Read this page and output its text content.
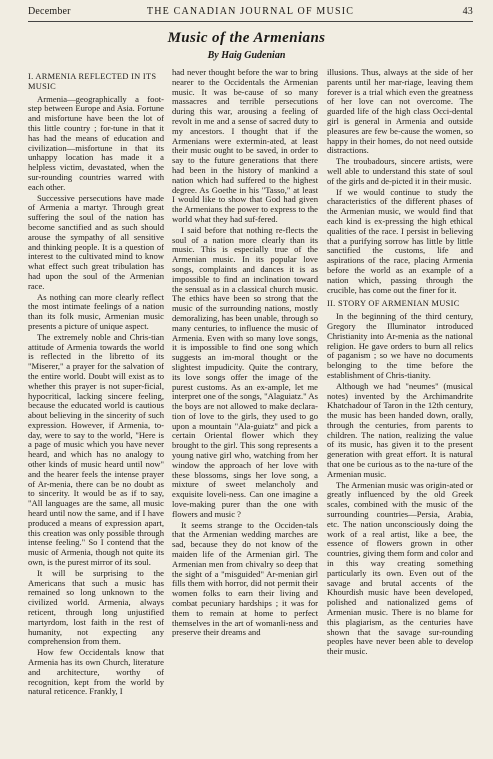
December	THE CANADIAN JOURNAL OF MUSIC	43
Music of the Armenians
By Haig Gudenian
I. ARMENIA REFLECTED IN ITS MUSIC

Armenia—geographically a foot-step between Europe and Asia. Fortune and misfortune have been the lot of this little country ; for-tune in that it has had the means of education and civilization—misfortune in that its unhappy location has made it a helpless victim, devastated, when the sur-rounding countries warred with each other.

Successive persecutions have made of Armenia a martyr. Through great suffering the soul of the nation has become sanctified and as such should arouse the sympathy of all sensitive and thinking people. It is a question of interest to the cultivated mind to know what effect such great tribulation has had upon the soul of the Armenian race.

As nothing can more clearly reflect the most intimate feelings of a nation than its folk music, Armenian music presents a picture of unique aspect.

The extremely noble and Chris-tian attitude of Armenia towards the world is reflected in the libretto of its "Miserer," a prayer for the salvation of the entire world. Doubt will exist as to whether this prayer is not super-ficial, hypocritical, lacking sincere feeling, because the educated world is cautious about believing in the sincerity of such expression. However, if Armenia, to-day, were to say to the world, "Here is a page of music which you have never heard, and which has no analogy to other kinds of music heard until now" and the hearer feels the intense prayer of Ar-menia, there can be no doubt as to sincerity. It would be as if to say, "All languages are the same, all music heard until now the same, and if I have produced a means of expression apart, this creation was only possible through intense feeling." So I contend that the music of Armenia, though not quite its own, is the purest mirror of its soul.

It will be surprising to the Americans that such a music has remained so long unknown to the civilized world. Armenia, always reticent, through long unjustified martyrdom, lost faith in the rest of humanity, not expecting any comprehension from them.

How few Occidentals know that Armenia has its own Church, literature and architecture, worthy of recognition, kept from the world by natural reticence. Frankly, I

had never thought before the war to bring nearer to the Occidentals the Armenian music. It was be-cause of so many massacres and terrible persecutions during this war, arousing a feeling of revolt in me and a sense of sacred duty to my ancestors. I thought that if the Armenians were extermin-ated, at least their music ought to be saved, in order to say to the future generations that there had been in the history of mankind a nation which had suffered to the highest degree. As Goethe in his "Tasso," at least I would like to show that God had given the Armenians the power to express to the world what they had suf-fered.

I said before that nothing re-flects the soul of a nation more clearly than its music. This is especially true of the Armenian music. In its popular love songs, complaints and dances it is as impossible to find an inclination toward the sensual as in a classical church music. The ethics have been so strong that the music of the surrounding nations, mostly demoralizing, has been unable, through so many centuries, to influence the music of Armenia. Even with so many love songs, it is impossible to find one song which suggests an im-moral thought or the slightest impudicity. Quite the contrary, its love songs offer the image of the purest customs. As an ex-ample, let me interpret one of the songs, "Alaguiatz." As the boys are not allowed to make declara-tion of love to the girls, they used to go upon a mountain "Ala-guiatz" and pick a certain Oriental flower which they brought to the girl. This song represents a young native girl who, watching from her window the approach of her love with these blossoms, sings her love song, a mixture of sweet melancholy and exquisite loveli-ness. Can one imagine a love-making purer than the one with flowers and music ?

It seems strange to the Occiden-tals that the Armenian wedding marches are sad, because they do not know of the maiden life of the Armenian girl. The Armenian men from chivalry so deep that the sight of a "misguided" Ar-menian girl fills them with horror, did not permit their women folks to earn their living and combat pecuniary hardships ; it was for them to remain at home to perfect themselves in the art of womanli-ness and preserve their dreams and

illusions. Thus, always at the side of her parents until her mar-riage, leaving them forever is a trial which even the greatness of her love can not overcome. The guarded life of the high class Occi-dental girl is general in Armenia and outside pleasures are few be-cause the women, so happy in their homes, do not need outside distractions.

The troubadours, sincere artists, were well able to understand this state of soul of the girls and de-picted it in their music.

If we would continue to study the characteristics of the different phases of the Armenian music, we would find that each kind is ex-pressing the high ethical qualities of the race. I persist in believing that a purifying sorrow has little by little sanctified the customs, life and aspirations of the race, placing Armenia before the world as an example of a nation which, passing through the crucible, has come out the finer for it.

II. STORY OF ARMENIAN MUSIC

In the beginning of the third century, Gregory the Illuminator introduced Christianity into Ar-menia as the national religion. He gave orders to burn all relics of paganism ; so we have no documents belonging to the time before the establishment of Chris-tianity.

Although we had "neumes" (musical notes) invented by the Archimandrite Khatchadour of Taron in the 12th century, the music has been handed down, orally, through the centuries, from parents to children. The nation, realizing the value of its music, has given it to the present generation with great effort. It is natural that one be curious as to the na-ture of the Armenian music.

The Armenian music was origin-ated or greatly influenced by the old Greek scales, combined with the music of the surrounding countries—Persia, Arabia, etc. The nation unconsciously doing the work of a real artist, like a bee, the essence of flowers grown in other countries, giving them form and color and in this way creating something particularly its own. Even out of the savage and brutal accents of the Khourdish music have been developed, polished and nationalized gems of Armenian music. There is no blame for this plagiarism, as the centuries have shown that the savage sur-rounding peoples have never been able to develop their music.
